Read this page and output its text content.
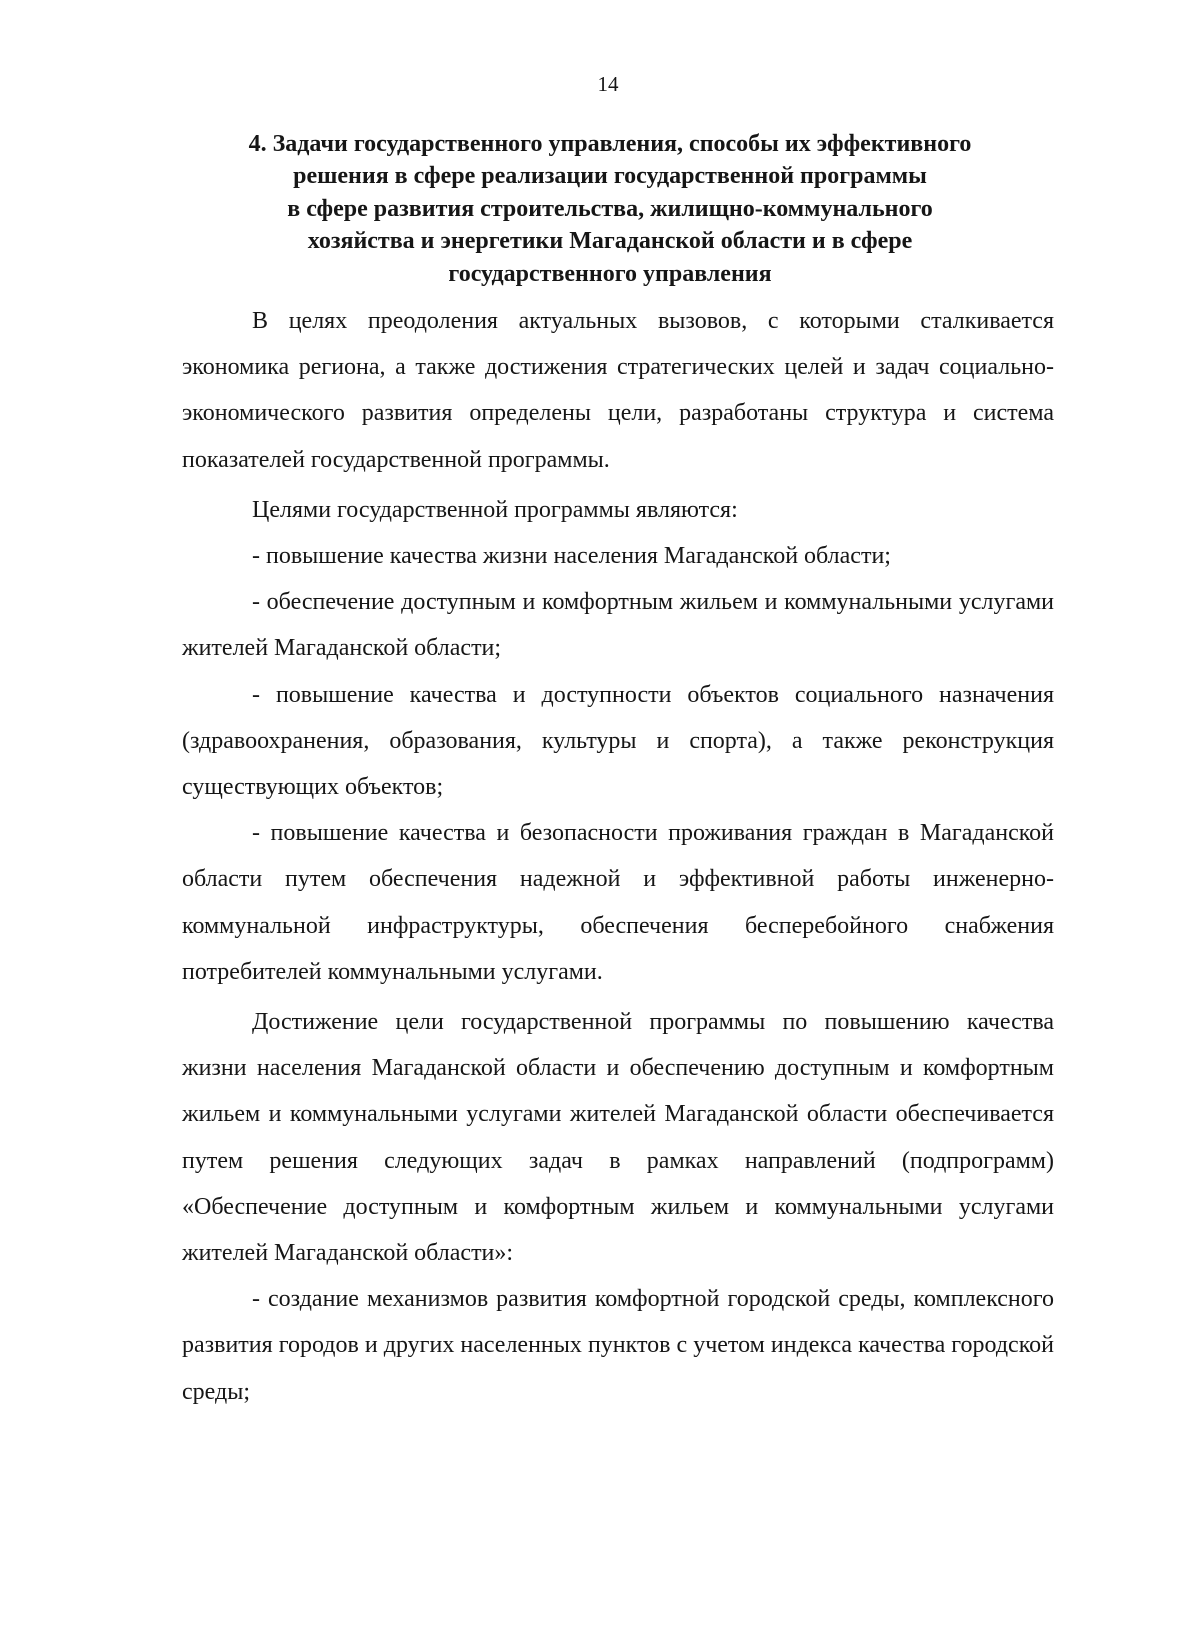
14
4. Задачи государственного управления, способы их эффективного
решения в сфере реализации государственной программы
в сфере развития строительства, жилищно-коммунального
хозяйства и энергетики Магаданской области и в сфере
государственного управления

В целях преодоления актуальных вызовов, с которыми сталкивается экономика региона, а также достижения стратегических целей и задач социально-экономического развития определены цели, разработаны структура и система показателей государственной программы.

Целями государственной программы являются:

- повышение качества жизни населения Магаданской области;

- обеспечение доступным и комфортным жильем и коммунальными услугами жителей Магаданской области;

- повышение качества и доступности объектов социального назначения (здравоохранения, образования, культуры и спорта), а также реконструкция существующих объектов;

- повышение качества и безопасности проживания граждан в Магаданской области путем обеспечения надежной и эффективной работы инженерно-коммунальной инфраструктуры, обеспечения бесперебойного снабжения потребителей коммунальными услугами.

Достижение цели государственной программы по повышению качества жизни населения Магаданской области и обеспечению доступным и комфортным жильем и коммунальными услугами жителей Магаданской области обеспечивается путем решения следующих задач в рамках направлений (подпрограмм) «Обеспечение доступным и комфортным жильем и коммунальными услугами жителей Магаданской области»:

- создание механизмов развития комфортной городской среды, комплексного развития городов и других населенных пунктов с учетом индекса качества городской среды;
